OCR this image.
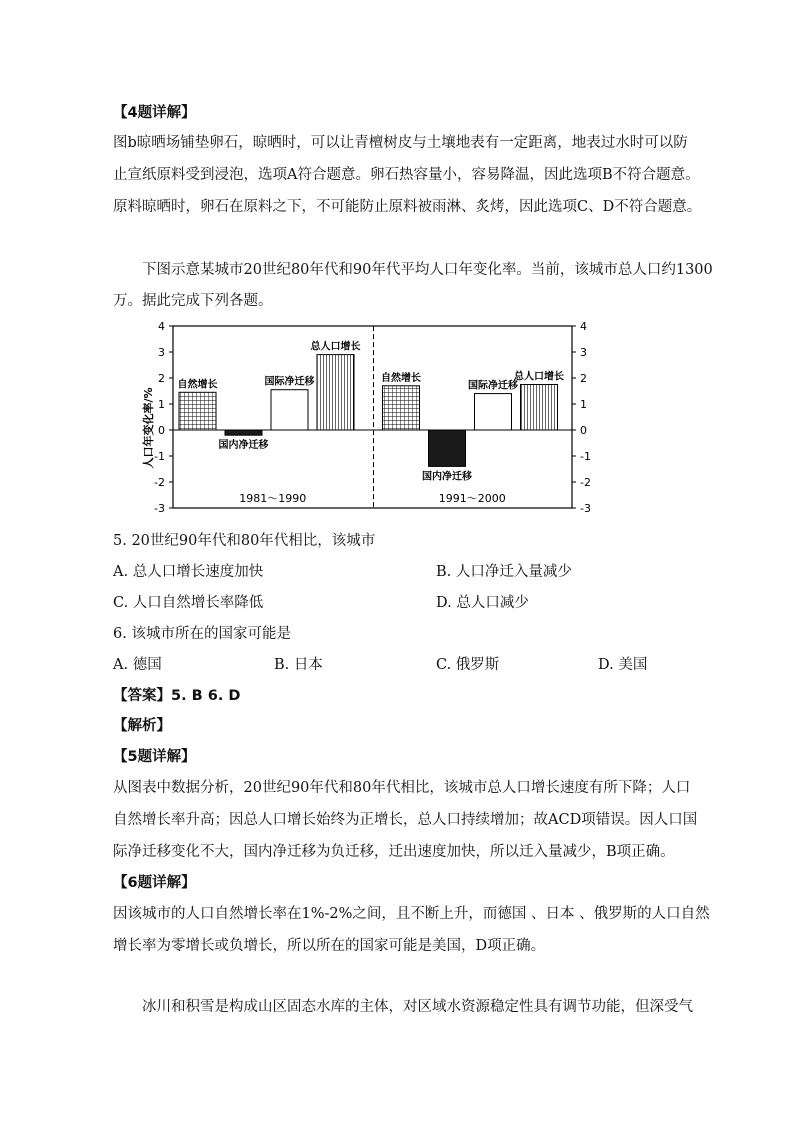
【4题详解】
图b晾晒场铺垫卵石，晾晒时，可以让青檀树皮与土壤地表有一定距离，地表过水时可以防
止宣纸原料受到浸泡，选项A符合题意。卵石热容量小，容易降温，因此选项B不符合题意。
原料晾晒时，卵石在原料之下，不可能防止原料被雨淋、炙烤，因此选项C、D不符合题意。
下图示意某城市20世纪80年代和90年代平均人口年变化率。当前，该城市总人口约1300
万。据此完成下列各题。
人口年变化率/%
4	4
3	3
2	2
1	1
0	0
-1	-1
-2	-2
-3	-3
自然增长
国内净迁移
国际净迁移
总人口增长
1981～1990
自然增长
国内净迁移
国际净迁移
总人口增长
1991～2000
5. 20世纪90年代和80年代相比，该城市
A. 总人口增长速度加快	B. 人口净迁入量减少
C. 人口自然增长率降低	D. 总人口减少
6. 该城市所在的国家可能是
A. 德国	B. 日本	C. 俄罗斯	D. 美国
【答案】5. B 6. D
【解析】
【5题详解】
从图表中数据分析，20世纪90年代和80年代相比，该城市总人口增长速度有所下降；人口
自然增长率升高；因总人口增长始终为正增长，总人口持续增加；故ACD项错误。因人口国
际净迁移变化不大，国内净迁移为负迁移，迁出速度加快，所以迁入量减少，B项正确。
【6题详解】
因该城市的人口自然增长率在1%-2%之间，且不断上升，而德国 、日本 、俄罗斯的人口自然
增长率为零增长或负增长，所以所在的国家可能是美国，D项正确。
冰川和积雪是构成山区固态水库的主体，对区域水资源稳定性具有调节功能，但深受气
